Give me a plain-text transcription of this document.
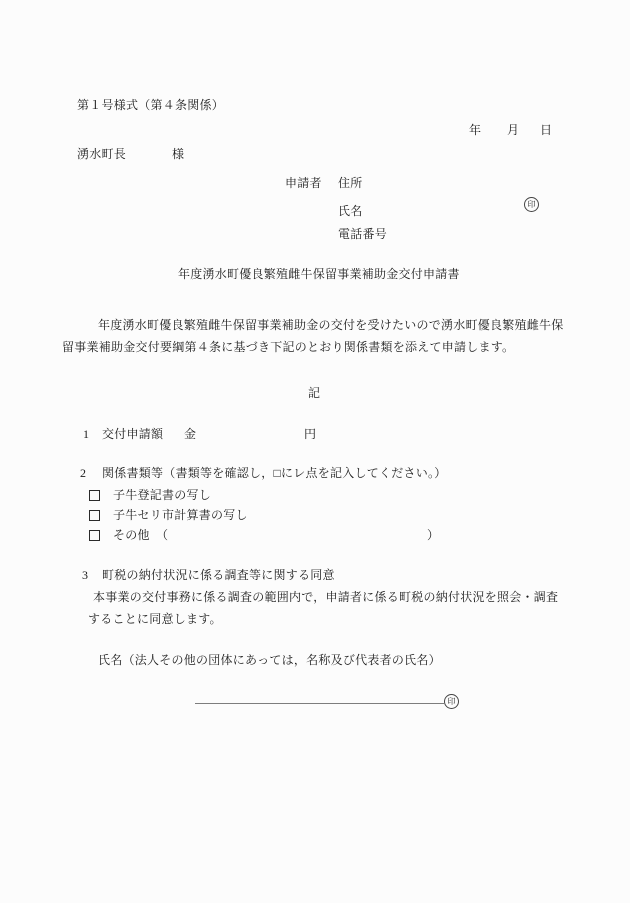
第１号様式（第４条関係）
年 月 日
湧水町長	様
申請者 住所
氏名	印
電話番号
年度湧水町優良繁殖雌牛保留事業補助金交付申請書
年度湧水町優良繁殖雌牛保留事業補助金の交付を受けたいので湧水町優良繁殖雌牛保
留事業補助金交付要綱第４条に基づき下記のとおり関係書類を添えて申請します。
記
1 交付申請額 金	円
2 関係書類等（書類等を確認し，□にレ点を記入してください。）
子牛登記書の写し
子牛セリ市計算書の写し
その他　（	）
3 町税の納付状況に係る調査等に関する同意
本事業の交付事務に係る調査の範囲内で，申請者に係る町税の納付状況を照会・調査
することに同意します。
氏名（法人その他の団体にあっては，名称及び代表者の氏名）
印
